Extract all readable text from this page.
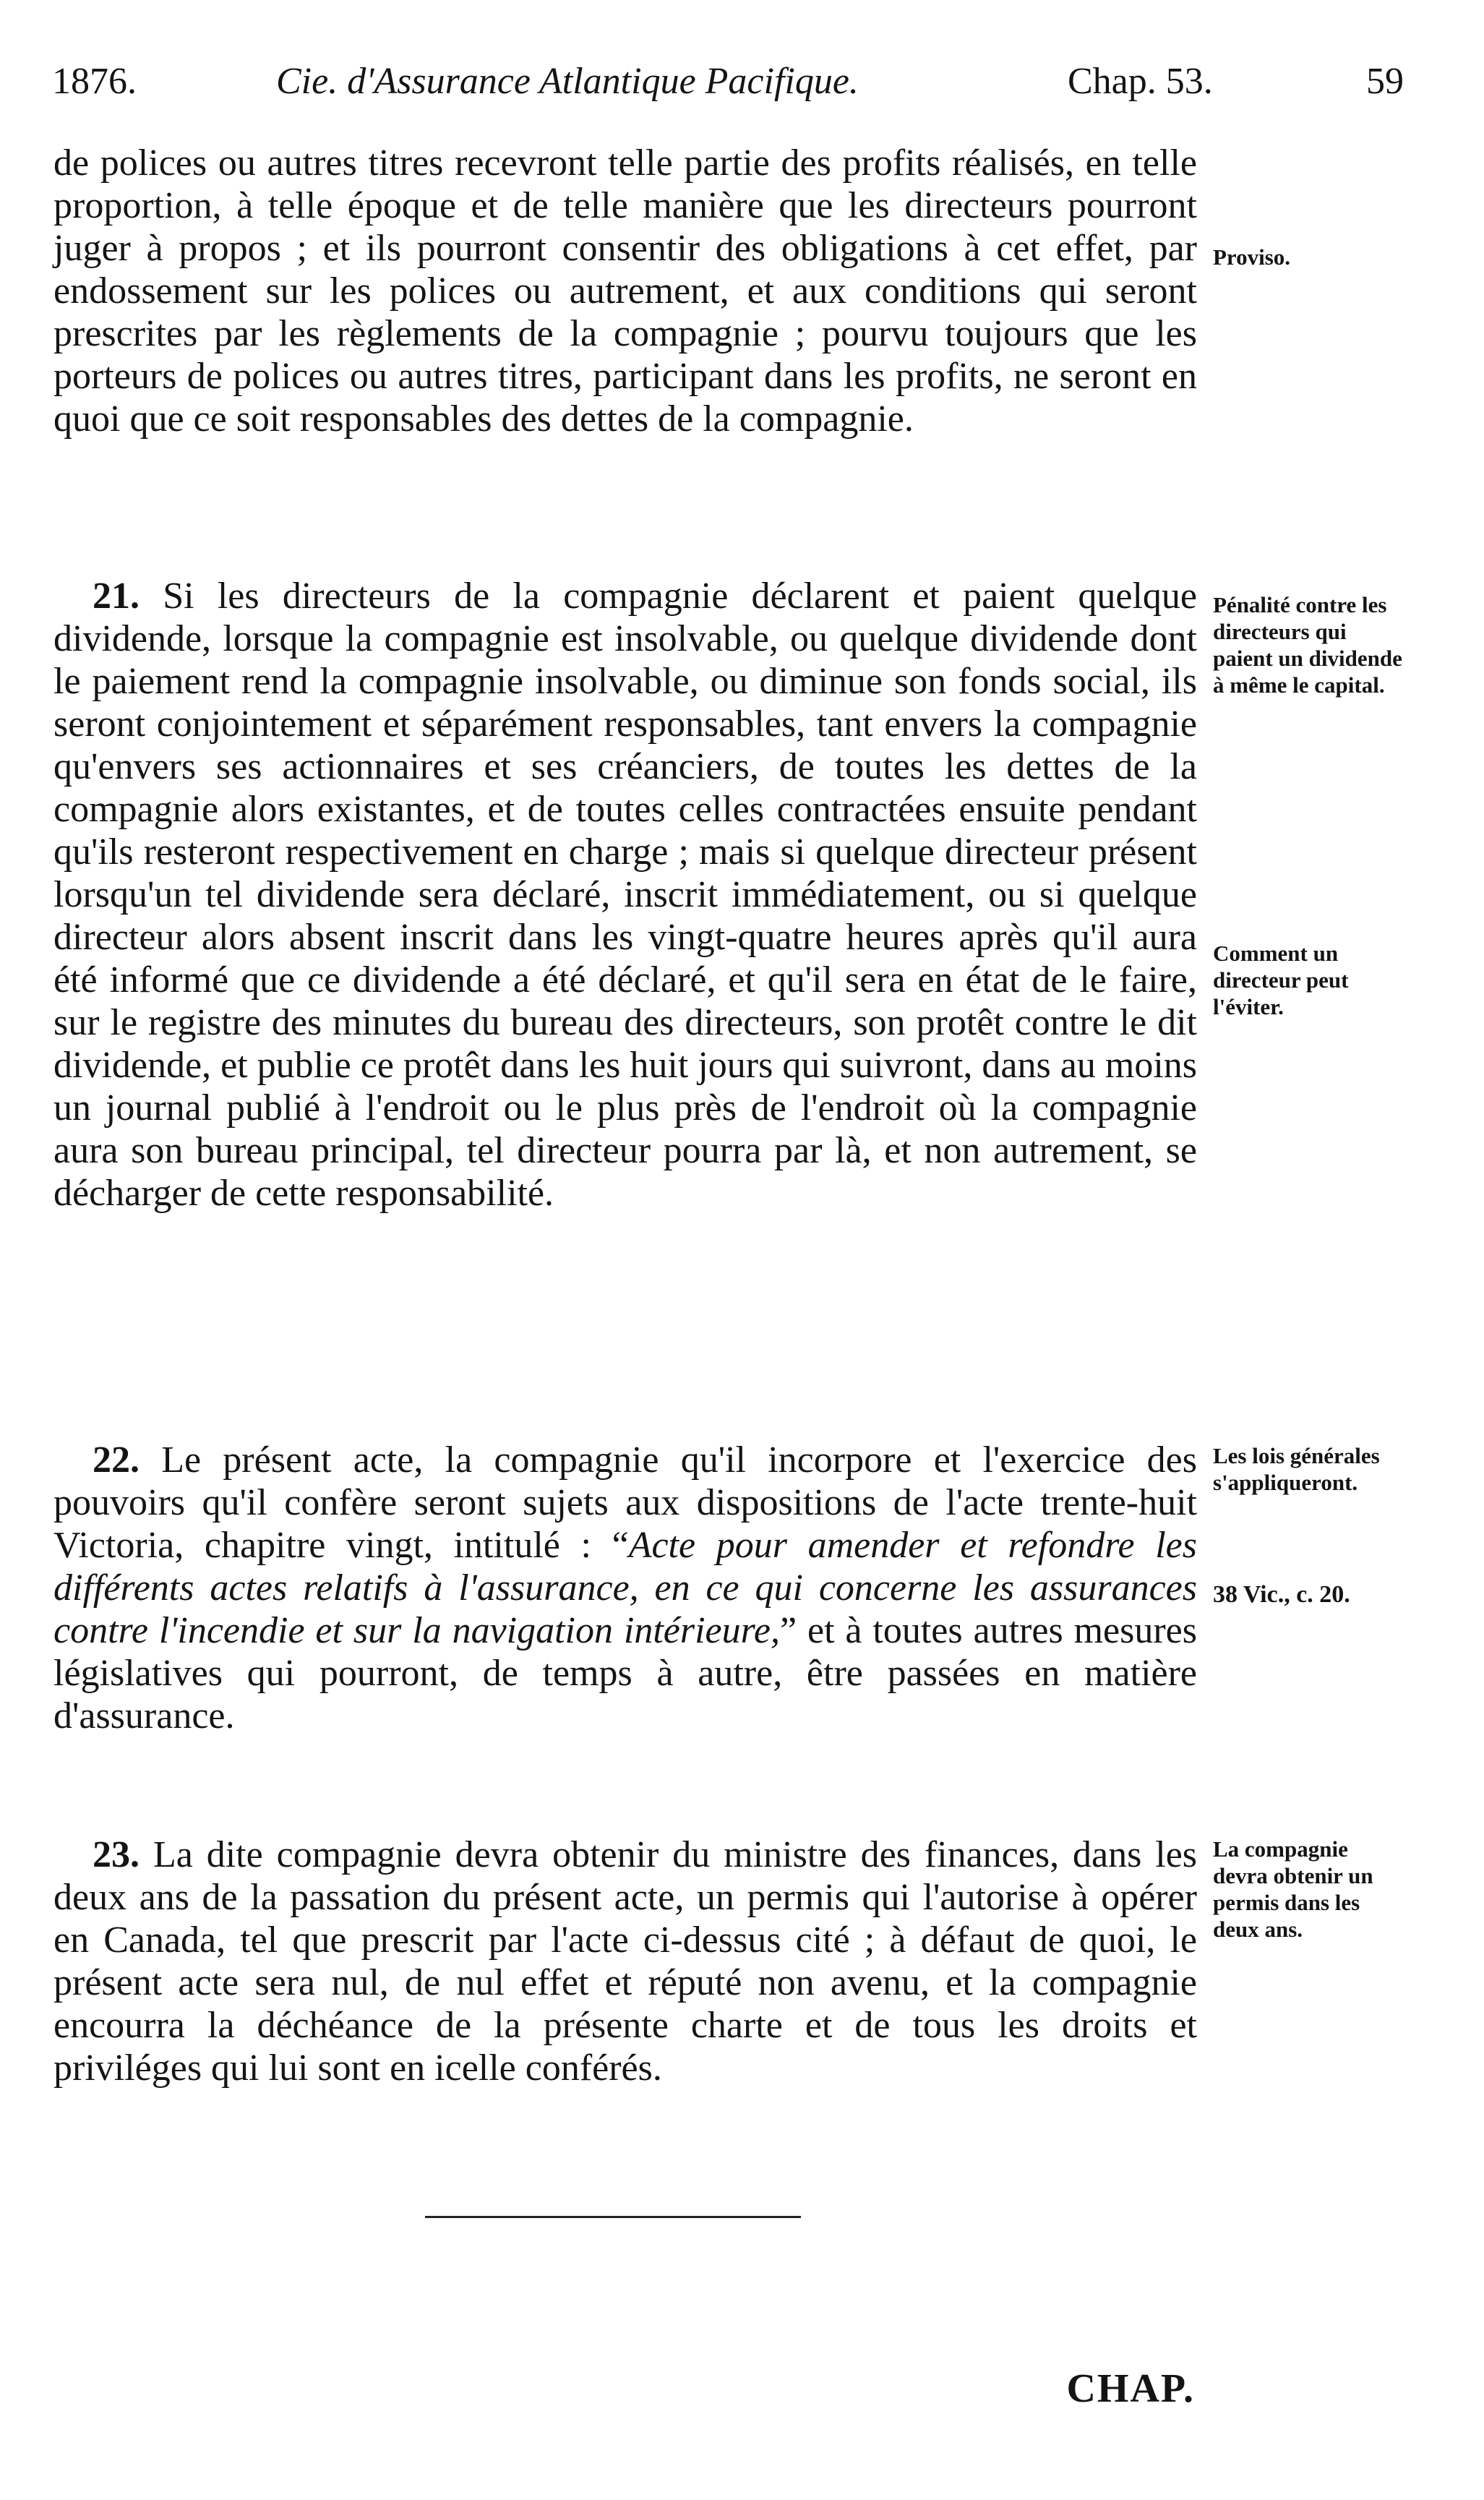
1876.	Cie. d'Assurance Atlantique Pacifique.	Chap. 53.	59

de polices ou autres titres recevront telle partie des profits réalisés, en telle proportion, à telle époque et de telle manière que les directeurs pourront juger à propos ; et ils pourront consentir des obligations à cet effet, par endossement sur les polices ou autrement, et aux conditions qui seront prescrites par les règlements de la compagnie ; pourvu toujours que les porteurs de polices ou autres titres, participant dans les profits, ne seront en quoi que ce soit responsables des dettes de la compagnie.

21. Si les directeurs de la compagnie déclarent et paient quelque dividende, lorsque la compagnie est insolvable, ou quelque dividende dont le paiement rend la compagnie insolvable, ou diminue son fonds social, ils seront conjointement et séparément responsables, tant envers la compagnie qu'envers ses actionnaires et ses créanciers, de toutes les dettes de la compagnie alors existantes, et de toutes celles contractées ensuite pendant qu'ils resteront respectivement en charge ; mais si quelque directeur présent lorsqu'un tel dividende sera déclaré, inscrit immédiatement, ou si quelque directeur alors absent inscrit dans les vingt-quatre heures après qu'il aura été informé que ce dividende a été déclaré, et qu'il sera en état de le faire, sur le registre des minutes du bureau des directeurs, son protêt contre le dit dividende, et publie ce protêt dans les huit jours qui suivront, dans au moins un journal publié à l'endroit ou le plus près de l'endroit où la compagnie aura son bureau principal, tel directeur pourra par là, et non autrement, se décharger de cette responsabilité.

22. Le présent acte, la compagnie qu'il incorpore et l'exercice des pouvoirs qu'il confère seront sujets aux dispositions de l'acte trente-huit Victoria, chapitre vingt, intitulé : “Acte pour amender et refondre les différents actes relatifs à l'assurance, en ce qui concerne les assurances contre l'incendie et sur la navigation intérieure,” et à toutes autres mesures législatives qui pourront, de temps à autre, être passées en matière d'assurance.

23. La dite compagnie devra obtenir du ministre des finances, dans les deux ans de la passation du présent acte, un permis qui l'autorise à opérer en Canada, tel que prescrit par l'acte ci-dessus cité ; à défaut de quoi, le présent acte sera nul, de nul effet et réputé non avenu, et la compagnie encourra la déchéance de la présente charte et de tous les droits et priviléges qui lui sont en icelle conférés.

Proviso.
Pénalité contre les directeurs qui paient un dividende à même le capital.
Comment un directeur peut l'éviter.
Les lois générales s'appliqueront.
38 Vic., c. 20.
La compagnie devra obtenir un permis dans les deux ans.
CHAP.
